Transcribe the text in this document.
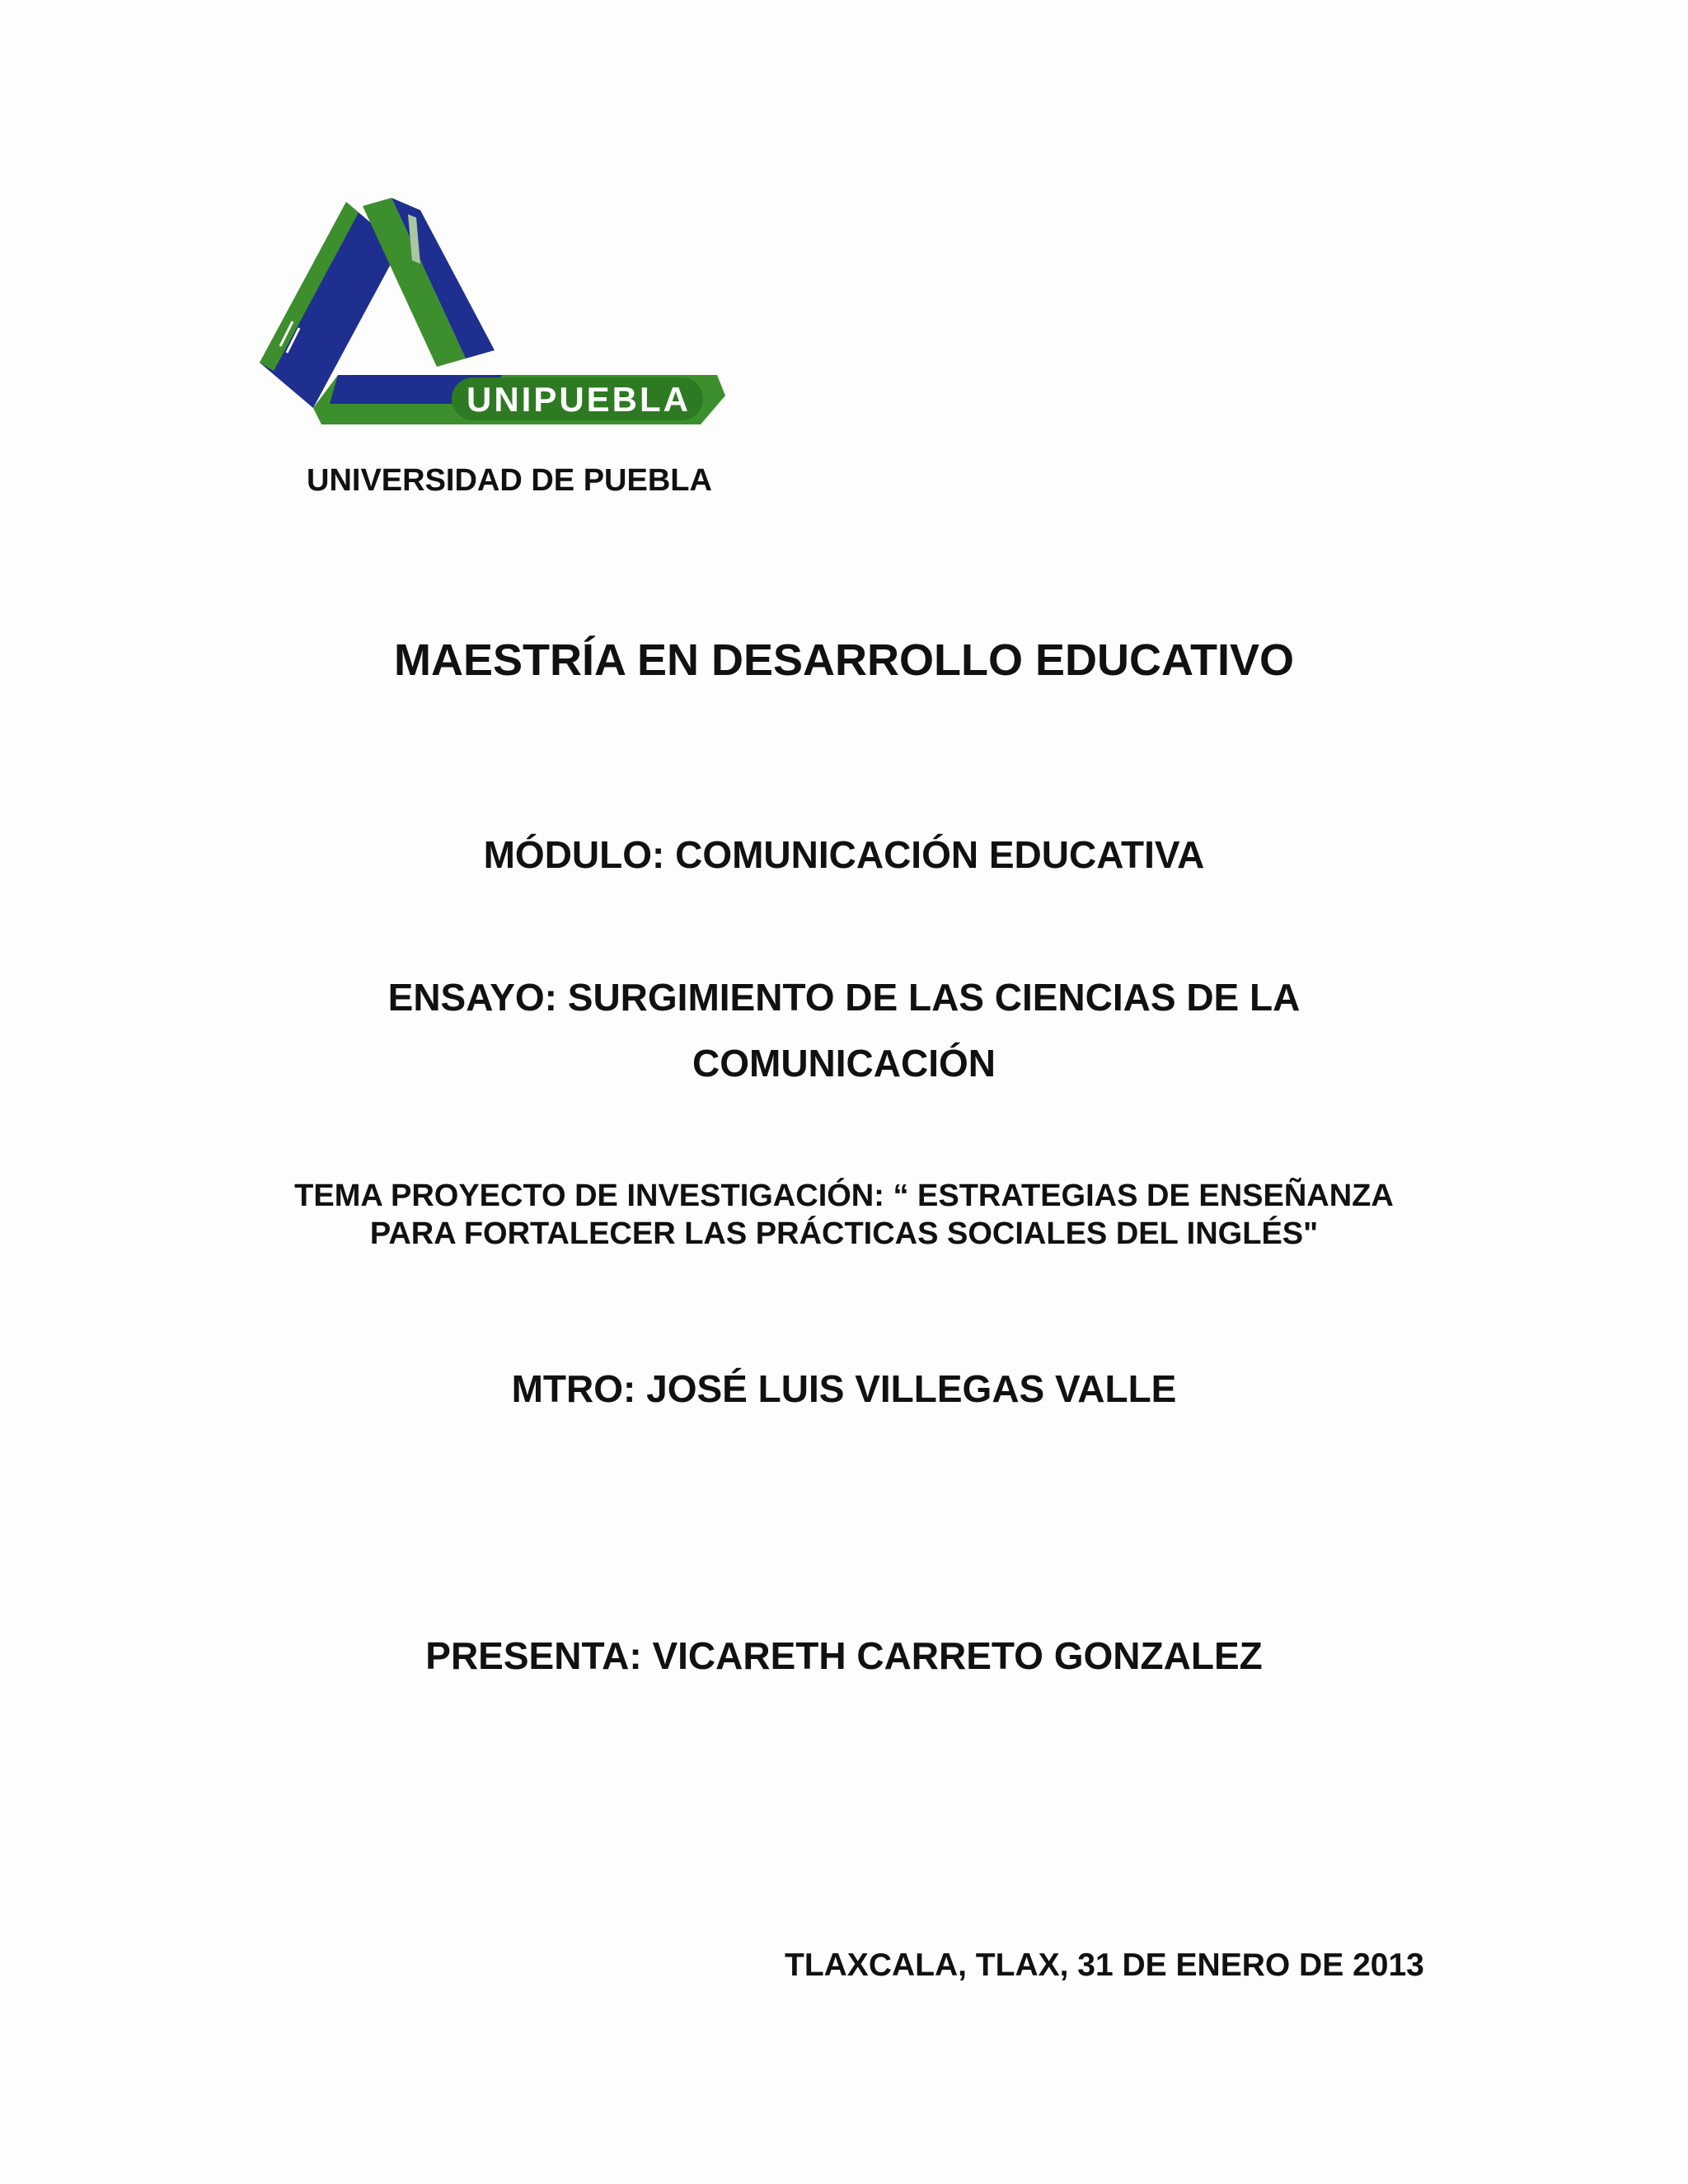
UNIPUEBLA
UNIVERSIDAD DE PUEBLA
MAESTRÍA EN DESARROLLO EDUCATIVO
MÓDULO: COMUNICACIÓN EDUCATIVA
ENSAYO: SURGIMIENTO DE LAS CIENCIAS DE LA
COMUNICACIÓN
TEMA PROYECTO DE INVESTIGACIÓN: “ ESTRATEGIAS DE ENSEÑANZA
PARA FORTALECER LAS PRÁCTICAS SOCIALES DEL INGLÉS"
MTRO: JOSÉ LUIS VILLEGAS VALLE
PRESENTA: VICARETH CARRETO GONZALEZ
TLAXCALA, TLAX, 31 DE ENERO DE 2013
